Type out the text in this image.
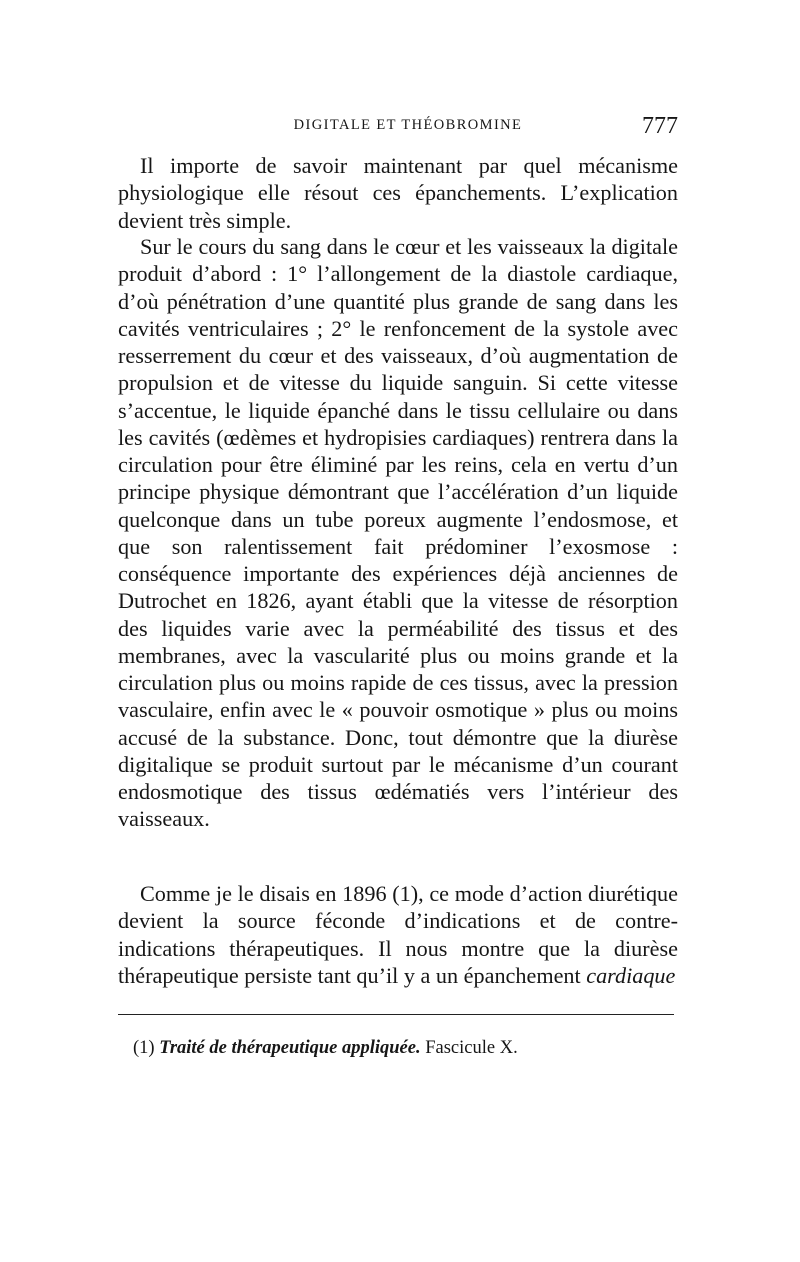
DIGITALE ET THÉOBROMINE	777

Il importe de savoir maintenant par quel mécanisme physiologique elle résout ces épanchements. L’explication devient très simple.

Sur le cours du sang dans le cœur et les vaisseaux la digitale produit d’abord : 1° l’allongement de la diastole cardiaque, d’où pénétration d’une quantité plus grande de sang dans les cavités ventriculaires ; 2° le renfoncement de la systole avec resserrement du cœur et des vaisseaux, d’où augmentation de propulsion et de vitesse du liquide sanguin. Si cette vitesse s’accentue, le liquide épanché dans le tissu cellulaire ou dans les cavités (œdèmes et hydropisies cardiaques) rentrera dans la circulation pour être éliminé par les reins, cela en vertu d’un principe physique démontrant que l’accélération d’un liquide quelconque dans un tube poreux augmente l’endosmose, et que son ralentissement fait prédominer l’exosmose : conséquence importante des expériences déjà anciennes de Dutrochet en 1826, ayant établi que la vitesse de résorption des liquides varie avec la perméabilité des tissus et des membranes, avec la vascularité plus ou moins grande et la circulation plus ou moins rapide de ces tissus, avec la pression vasculaire, enfin avec le « pouvoir osmotique » plus ou moins accusé de la substance. Donc, tout démontre que la diurèse digitalique se produit surtout par le mécanisme d’un courant endosmotique des tissus œdématiés vers l’intérieur des vaisseaux.

Comme je le disais en 1896 (1), ce mode d’action diurétique devient la source féconde d’indications et de contre-indications thérapeutiques. Il nous montre que la diurèse thérapeutique persiste tant qu’il y a un épanchement cardiaque

(1) Traité de thérapeutique appliquée. Fascicule X.
